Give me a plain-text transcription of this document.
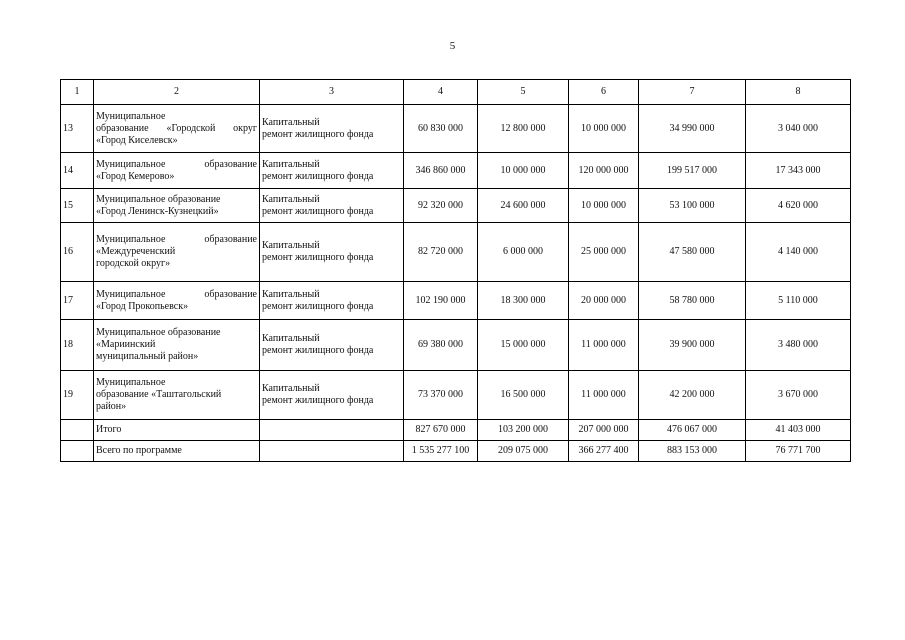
5
1	2	3	4	5	6	7	8
13	Муниципальное
образование «Городской округ
«Город Киселевск»	Капитальный
ремонт жилищного фонда	60 830 000	12 800 000	10 000 000	34 990 000	3 040 000
14	Муниципальное образование
«Город Кемерово»	Капитальный
ремонт жилищного фонда	346 860 000	10 000 000	120 000 000	199 517 000	17 343 000
15	Муниципальное образование
«Город Ленинск-Кузнецкий»	Капитальный
ремонт жилищного фонда	92 320 000	24 600 000	10 000 000	53 100 000	4 620 000
16	Муниципальное образование
«Междуреченский
городской округ»	Капитальный
ремонт жилищного фонда	82 720 000	6 000 000	25 000 000	47 580 000	4 140 000
17	Муниципальное образование
«Город Прокопьевск»	Капитальный
ремонт жилищного фонда	102 190 000	18 300 000	20 000 000	58 780 000	5 110 000
18	Муниципальное образование
«Мариинский
муниципальный район»	Капитальный
ремонт жилищного фонда	69 380 000	15 000 000	11 000 000	39 900 000	3 480 000
19	Муниципальное
образование «Таштагольский
район»	Капитальный
ремонт жилищного фонда	73 370 000	16 500 000	11 000 000	42 200 000	3 670 000
	Итого		827 670 000	103 200 000	207 000 000	476 067 000	41 403 000
	Всего по программе		1 535 277 100	209 075 000	366 277 400	883 153 000	76 771 700
